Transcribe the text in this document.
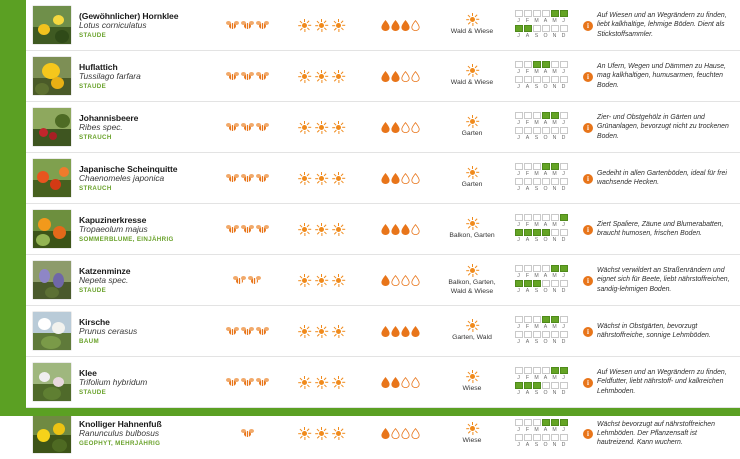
(Gewöhnlicher) Hornklee
Lotus corniculatus
STAUDE	Wald & Wiese
J	F	M A M	J
J	A	S	O N	D
i
Auf Wiesen und an Wegrändern zu finden, liebt kalkhaltige, lehmige Böden. Dient als Stickstoffsammler.
Huflattich
Tussilago farfara
STAUDE	Wald & Wiese
J	F	M A M	J
J	A	S	O N	D
i
An Ufern, Wegen und Dämmen zu Hause, mag kalkhaltigen, humusarmen, feuchten Boden.
Johannisbeere
Ribes spec.
STRAUCH	Garten
J	F	M A M	J
J	A	S	O N	D
i
Zier- und Obstgehölz in Gärten und Grünanlagen, bevorzugt nicht zu trockenen Boden.
Japanische Scheinquitte
Chaenomeles japonica
STRAUCH	Garten
J	F	M A M	J
J	A	S	O N	D
i
Gedeiht in allen Gartenböden, ideal für frei wachsende Hecken.
Kapuzinerkresse
Tropaeolum majus
SOMMERBLUME, EINJÄHRIG	Balkon, Garten
J	F	M A M	J
J	A	S	O N	D
i
Ziert Spaliere, Zäune und Blumerabatten, braucht humosen, frischen Boden.
Katzenminze
Nepeta spec.
STAUDE
Balkon, Garten, Wald & Wiese
J	F	M A M	J
J	A	S	O N	D
i
Wächst verwildert an Straßenrändern und eignet sich für Beete, liebt nährstoffreichen, sandig-lehmigen Boden.
Kirsche
Prunus cerasus
BAUM	Garten, Wald
J	F	M A M	J
J	A	S	O N	D
i
Wächst in Obstgärten, bevorzugt nährstoffreiche, sonnige Lehmböden.
Klee
Trifolium hybridum
STAUDE	Wiese
J	F	M A M	J
J	A	S	O N	D
i
Auf Wiesen und an Wegrändern zu finden, Feldfutter, liebt nährstoff- und kalkreichen Lehmboden.
Knolliger Hahnenfuß
Ranunculus bulbosus
GEOPHYT, MEHRJÄHRIG	Wiese
J	F	M A M	J
J	A	S	O N	D
i
Wächst bevorzugt auf nährstoffreichen Lehmböden. Der Pflanzensaft ist hautreizend. Kann wuchern.
